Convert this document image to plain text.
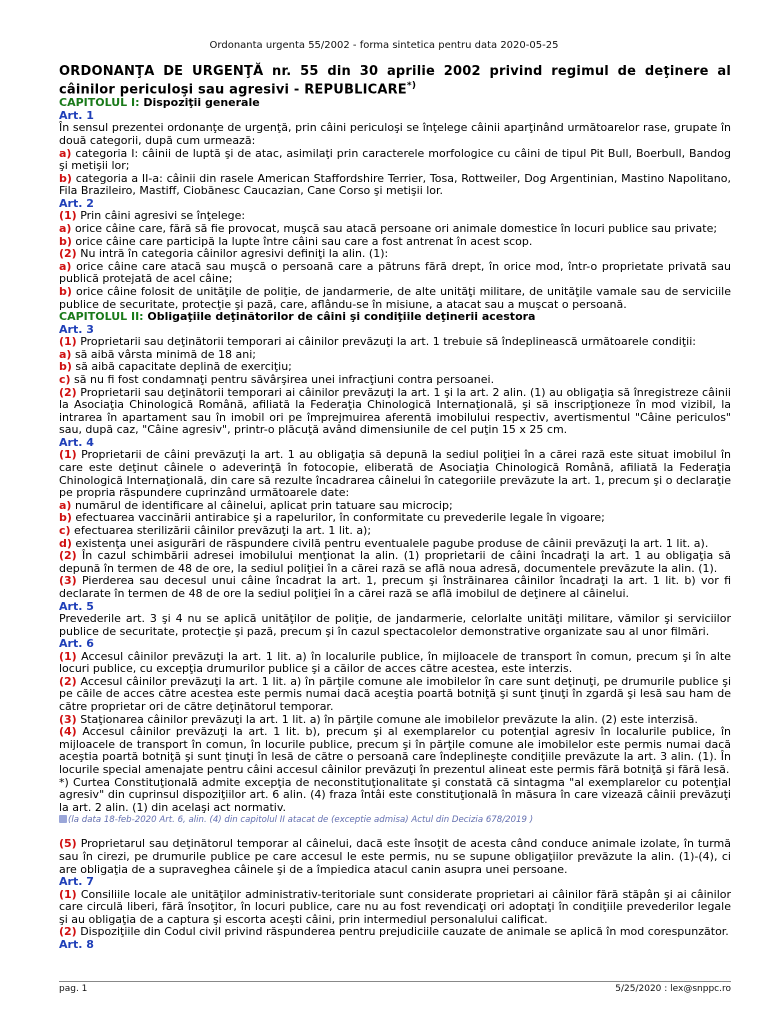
Ordonanta urgenta 55/2002 - forma sintetica pentru data 2020-05-25

ORDONANŢA DE URGENŢĂ nr. 55 din 30 aprilie 2002 privind regimul de deţinere al câinilor periculoşi sau agresivi - REPUBLICARE*)

CAPITOLUL I: Dispoziţii generale
Art. 1

În sensul prezentei ordonanţe de urgenţă, prin câini periculoşi se înţelege câinii aparţinând următoarelor rase, grupate în două categorii, după cum urmează:

a) categoria I: câinii de luptă şi de atac, asimilaţi prin caracterele morfologice cu câini de tipul Pit Bull, Boerbull, Bandog şi metişii lor;

b) categoria a II-a: câinii din rasele American Staffordshire Terrier, Tosa, Rottweiler, Dog Argentinian, Mastino Napolitano, Fila Brazileiro, Mastiff, Ciobănesc Caucazian, Cane Corso şi metişii lor.

Art. 2

(1) Prin câini agresivi se înţelege:

a) orice câine care, fără să fie provocat, muşcă sau atacă persoane ori animale domestice în locuri publice sau private;

b) orice câine care participă la lupte între câini sau care a fost antrenat în acest scop.

(2) Nu intră în categoria câinilor agresivi definiţi la alin. (1):

a) orice câine care atacă sau muşcă o persoană care a pătruns fără drept, în orice mod, într-o proprietate privată sau publică protejată de acel câine;

b) orice câine folosit de unităţile de poliţie, de jandarmerie, de alte unităţi militare, de unităţile vamale sau de serviciile publice de securitate, protecţie şi pază, care, aflându-se în misiune, a atacat sau a muşcat o persoană.

CAPITOLUL II: Obligaţiile deţinătorilor de câini şi condiţiile deţinerii acestora
Art. 3

(1) Proprietarii sau deţinătorii temporari ai câinilor prevăzuţi la art. 1 trebuie să îndeplinească următoarele condiţii:

a) să aibă vârsta minimă de 18 ani;

b) să aibă capacitate deplină de exerciţiu;

c) să nu fi fost condamnaţi pentru săvârşirea unei infracţiuni contra persoanei.

(2) Proprietarii sau deţinătorii temporari ai câinilor prevăzuţi la art. 1 şi la art. 2 alin. (1) au obligaţia să înregistreze câinii la Asociaţia Chinologică Română, afiliată la Federaţia Chinologică Internaţională, şi să inscripţioneze în mod vizibil, la intrarea în apartament sau în imobil ori pe împrejmuirea aferentă imobilului respectiv, avertismentul "Câine periculos" sau, după caz, "Câine agresiv", printr-o plăcuţă având dimensiunile de cel puţin 15 x 25 cm.

Art. 4

(1) Proprietarii de câini prevăzuţi la art. 1 au obligaţia să depună la sediul poliţiei în a cărei rază este situat imobilul în care este deţinut câinele o adeverinţă în fotocopie, eliberată de Asociaţia Chinologică Română, afiliată la Federaţia Chinologică Internaţională, din care să rezulte încadrarea câinelui în categoriile prevăzute la art. 1, precum şi o declaraţie pe propria răspundere cuprinzând următoarele date:

a) numărul de identificare al câinelui, aplicat prin tatuare sau microcip;

b) efectuarea vaccinării antirabice şi a rapelurilor, în conformitate cu prevederile legale în vigoare;

c) efectuarea sterilizării câinilor prevăzuţi la art. 1 lit. a);

d) existenţa unei asigurări de răspundere civilă pentru eventualele pagube produse de câinii prevăzuţi la art. 1 lit. a).

(2) În cazul schimbării adresei imobilului menţionat la alin. (1) proprietarii de câini încadraţi la art. 1 au obligaţia să depună în termen de 48 de ore, la sediul poliţiei în a cărei rază se află noua adresă, documentele prevăzute la alin. (1).

(3) Pierderea sau decesul unui câine încadrat la art. 1, precum şi înstrăinarea câinilor încadraţi la art. 1 lit. b) vor fi declarate în termen de 48 de ore la sediul poliţiei în a cărei rază se află imobilul de deţinere al câinelui.

Art. 5

Prevederile art. 3 şi 4 nu se aplică unităţilor de poliţie, de jandarmerie, celorlalte unităţi militare, vămilor şi serviciilor publice de securitate, protecţie şi pază, precum şi în cazul spectacolelor demonstrative organizate sau al unor filmări.

Art. 6

(1) Accesul câinilor prevăzuţi la art. 1 lit. a) în localurile publice, în mijloacele de transport în comun, precum şi în alte locuri publice, cu excepţia drumurilor publice şi a căilor de acces către acestea, este interzis.

(2) Accesul câinilor prevăzuţi la art. 1 lit. a) în părţile comune ale imobilelor în care sunt deţinuţi, pe drumurile publice şi pe căile de acces către acestea este permis numai dacă aceştia poartă botniţă şi sunt ţinuţi în zgardă şi lesă sau ham de către proprietar ori de către deţinătorul temporar.

(3) Staţionarea câinilor prevăzuţi la art. 1 lit. a) în părţile comune ale imobilelor prevăzute la alin. (2) este interzisă.

(4) Accesul câinilor prevăzuţi la art. 1 lit. b), precum şi al exemplarelor cu potenţial agresiv în localurile publice, în mijloacele de transport în comun, în locurile publice, precum şi în părţile comune ale imobilelor este permis numai dacă aceştia poartă botniţă şi sunt ţinuţi în lesă de către o persoană care îndeplineşte condiţiile prevăzute la art. 3 alin. (1). În locurile special amenajate pentru câini accesul câinilor prevăzuţi în prezentul alineat este permis fără botniţă şi fără lesă.

*) Curtea Constituţională admite excepţia de neconstituţionalitate şi constată că sintagma "al exemplarelor cu potenţial agresiv" din cuprinsul dispoziţiilor art. 6 alin. (4) fraza întâi este constituţională în măsura în care vizează câinii prevăzuţi la art. 2 alin. (1) din acelaşi act normativ.

(la data 18-feb-2020 Art. 6, alin. (4) din capitolul II atacat de (exceptie admisa) Actul din Decizia 678/2019 )

(5) Proprietarul sau deţinătorul temporar al câinelui, dacă este însoţit de acesta când conduce animale izolate, în turmă sau în cirezi, pe drumurile publice pe care accesul le este permis, nu se supune obligaţiilor prevăzute la alin. (1)-(4), ci are obligaţia de a supraveghea câinele şi de a împiedica atacul canin asupra unei persoane.

Art. 7

(1) Consiliile locale ale unităţilor administrativ-teritoriale sunt considerate proprietari ai câinilor fără stăpân şi ai câinilor care circulă liberi, fără însoţitor, în locuri publice, care nu au fost revendicaţi ori adoptaţi în condiţiile prevederilor legale şi au obligaţia de a captura şi escorta aceşti câini, prin intermediul personalului calificat.

(2) Dispoziţiile din Codul civil privind răspunderea pentru prejudiciile cauzate de animale se aplică în mod corespunzător.

Art. 8
pag. 1	5/25/2020 : lex@snppc.ro
